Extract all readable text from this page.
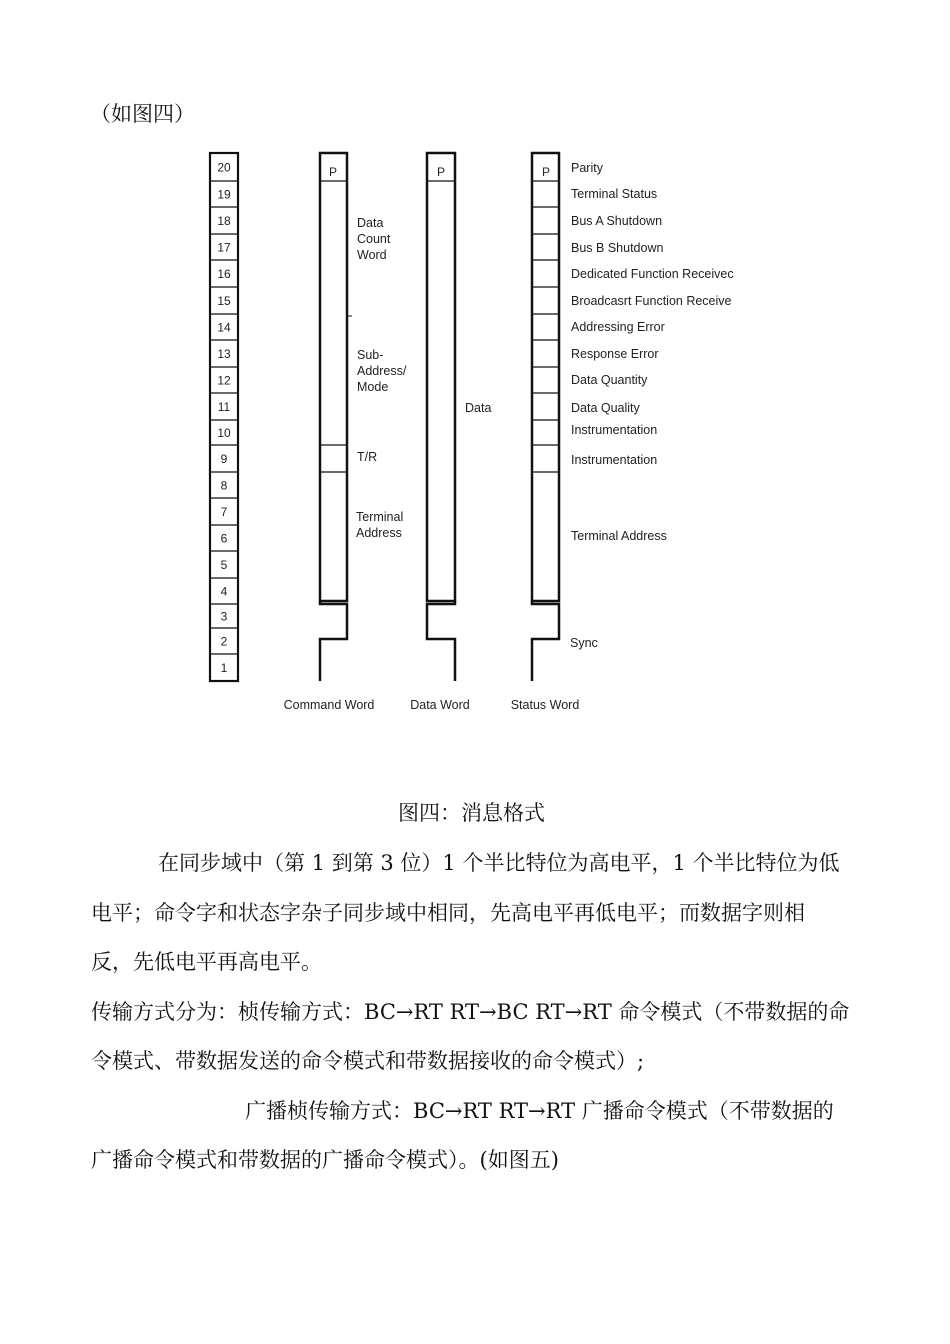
（如图四）
20
19
18
17
16
15
14
13
12
11
10
9
8
7
6
5
4
3
2
1
P
Data
Count
Word
Sub-
Address/
Mode
T/R
Terminal
Address
Command Word
P
Data
Data Word
P Parity
Terminal Status
Bus A Shutdown
Bus B Shutdown
Dedicated Function Receivec
Broadcasrt Function Receive
Addressing Error
Response Error
Data Quantity
Data Quality
Instrumentation
Instrumentation
Terminal Address
Sync
Status Word
图四：消息格式
在同步域中（第 1 到第 3 位）1 个半比特位为高电平，1 个半比特位为低
电平；命令字和状态字杂子同步域中相同，先高电平再低电平；而数据字则相
反，先低电平再高电平。
传输方式分为：桢传输方式：BC→RT RT→BC RT→RT 命令模式（不带数据的命
令模式、带数据发送的命令模式和带数据接收的命令模式）;
广播桢传输方式：BC→RT RT→RT 广播命令模式（不带数据的
广播命令模式和带数据的广播命令模式）。(如图五)
